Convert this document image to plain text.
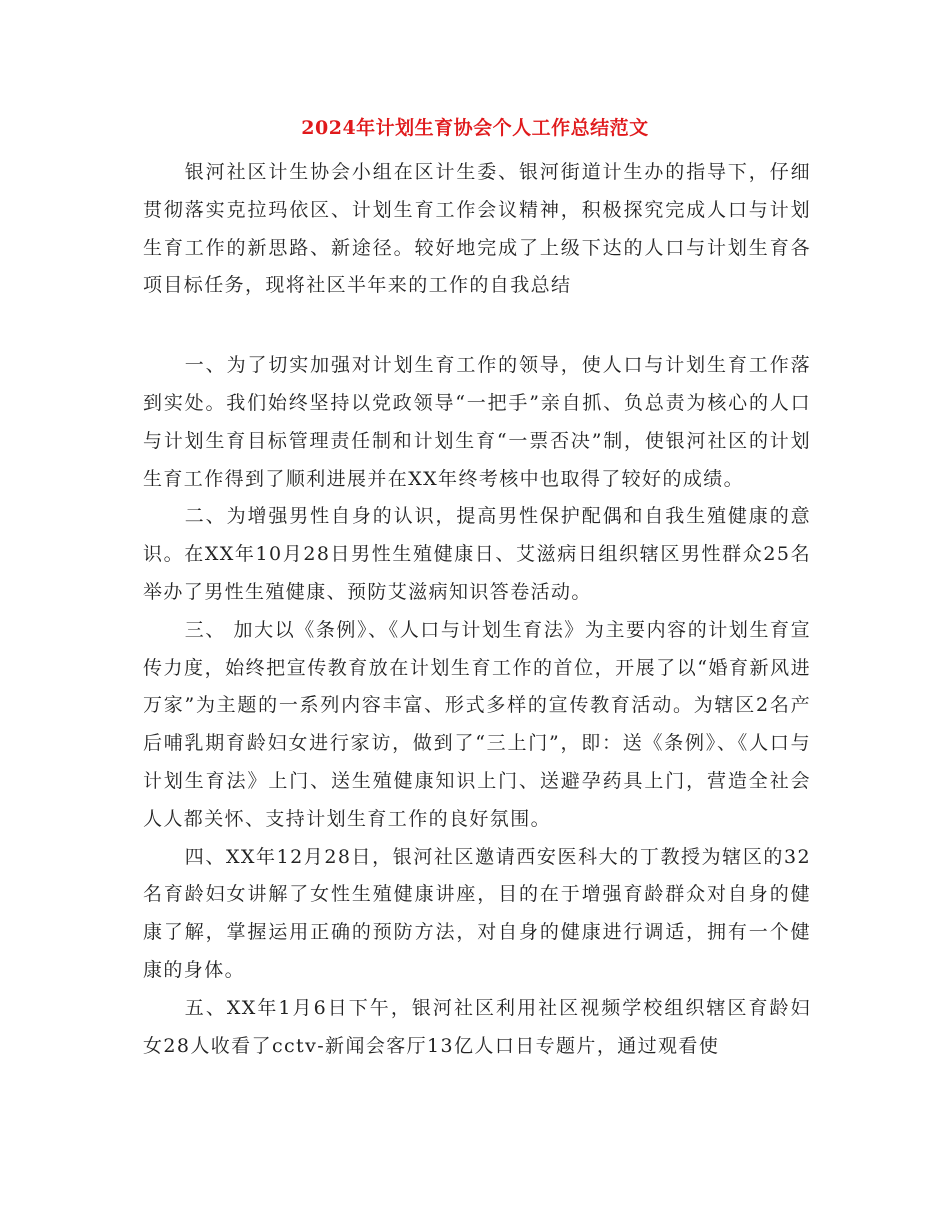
2024年计划生育协会个人工作总结范文

银河社区计生协会小组在区计生委、银河街道计生办的指导下，仔细贯彻落实克拉玛依区、计划生育工作会议精神，积极探究完成人口与计划生育工作的新思路、新途径。较好地完成了上级下达的人口与计划生育各项目标任务，现将社区半年来的工作的自我总结

一、为了切实加强对计划生育工作的领导，使人口与计划生育工作落到实处。我们始终坚持以党政领导“一把手”亲自抓、负总责为核心的人口与计划生育目标管理责任制和计划生育“一票否决”制，使银河社区的计划生育工作得到了顺利进展并在XX年终考核中也取得了较好的成绩。

二、为增强男性自身的认识，提高男性保护配偶和自我生殖健康的意识。在XX年10月28日男性生殖健康日、艾滋病日组织辖区男性群众25名举办了男性生殖健康、预防艾滋病知识答卷活动。

三、 加大以《条例》、《人口与计划生育法》为主要内容的计划生育宣传力度，始终把宣传教育放在计划生育工作的首位，开展了以“婚育新风进万家”为主题的一系列内容丰富、形式多样的宣传教育活动。为辖区2名产后哺乳期育龄妇女进行家访，做到了“三上门”，即：送《条例》、《人口与计划生育法》上门、送生殖健康知识上门、送避孕药具上门，营造全社会人人都关怀、支持计划生育工作的良好氛围。

四、XX年12月28日，银河社区邀请西安医科大的丁教授为辖区的32名育龄妇女讲解了女性生殖健康讲座，目的在于增强育龄群众对自身的健康了解，掌握运用正确的预防方法，对自身的健康进行调适，拥有一个健康的身体。

五、XX年1月6日下午，银河社区利用社区视频学校组织辖区育龄妇女28人收看了cctv-新闻会客厅13亿人口日专题片，通过观看使
